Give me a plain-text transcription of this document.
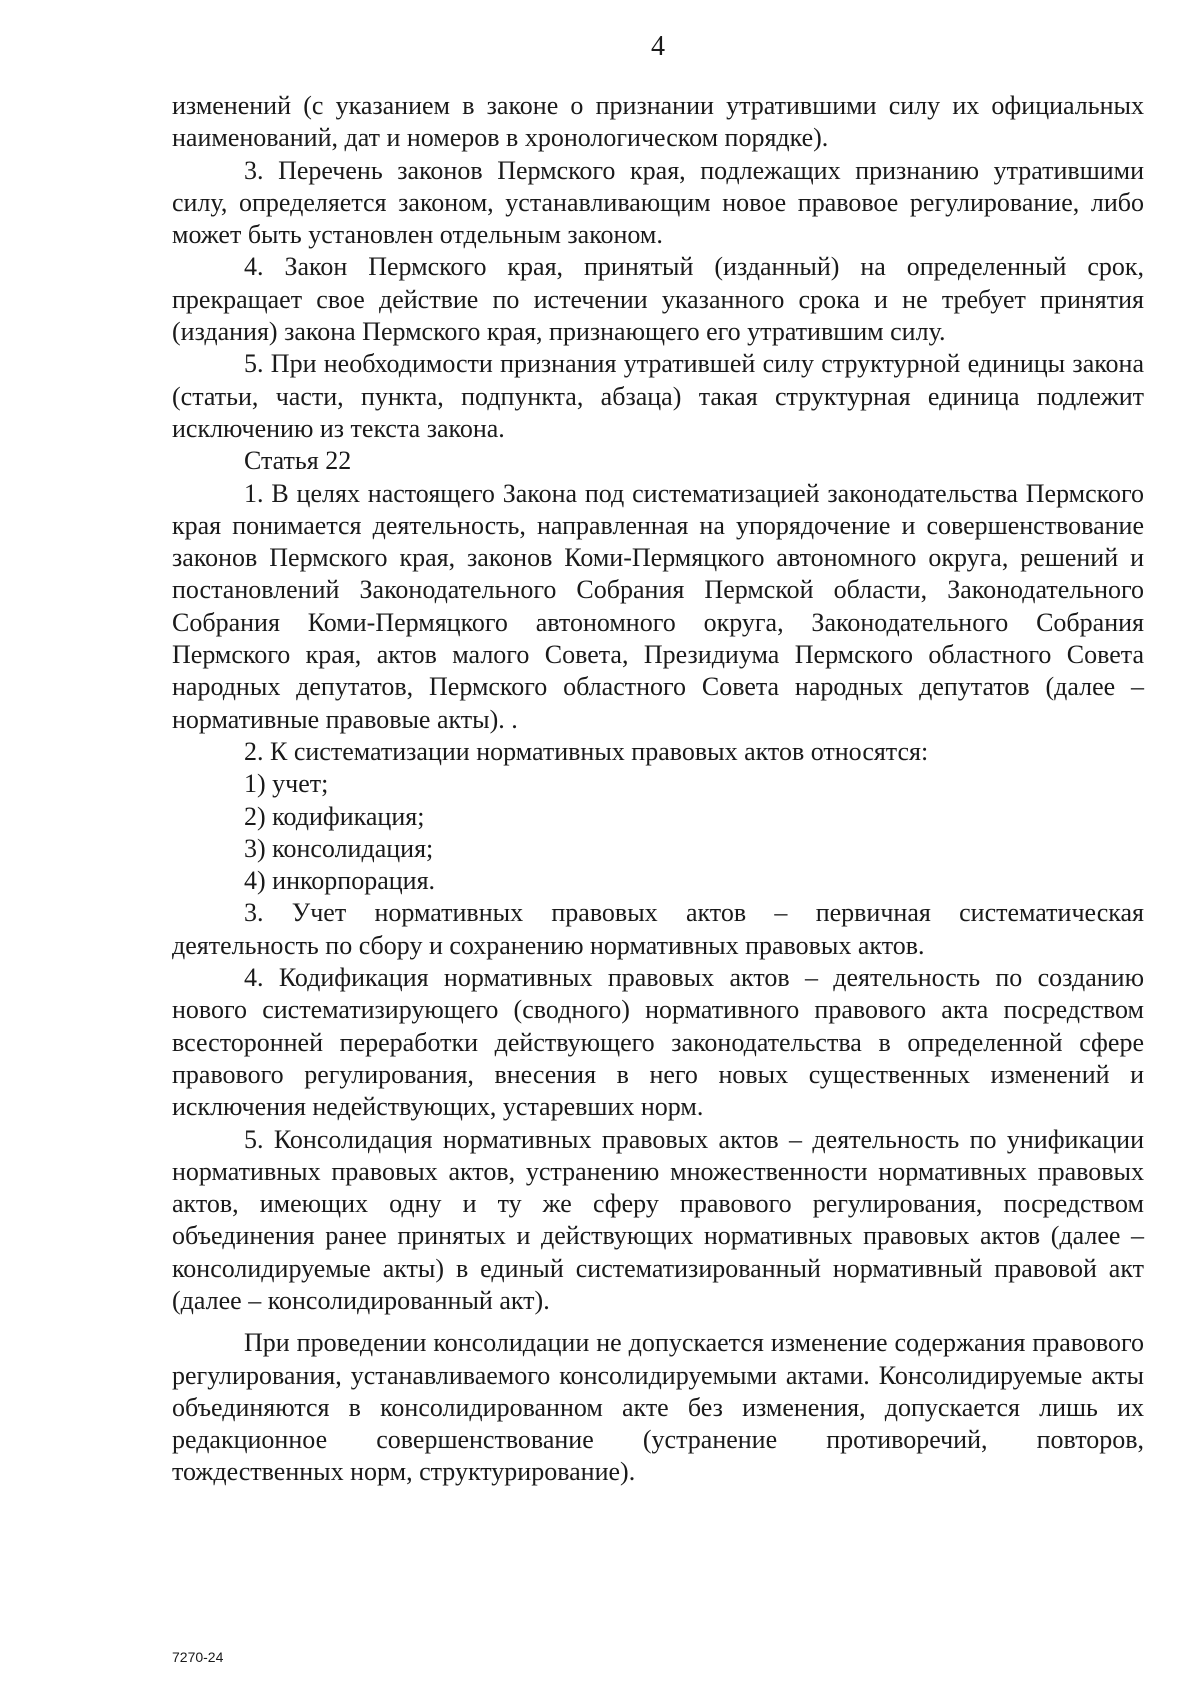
4

изменений (с указанием в законе о признании утратившими силу их официальных наименований, дат и номеров в хронологическом порядке).

3. Перечень законов Пермского края, подлежащих признанию утратившими силу, определяется законом, устанавливающим новое правовое регулирование, либо может быть установлен отдельным законом.

4. Закон Пермского края, принятый (изданный) на определенный срок, прекращает свое действие по истечении указанного срока и не требует принятия (издания) закона Пермского края, признающего его утратившим силу.

5. При необходимости признания утратившей силу структурной единицы закона (статьи, части, пункта, подпункта, абзаца) такая структурная единица подлежит исключению из текста закона.

Статья 22

1. В целях настоящего Закона под систематизацией законодательства Пермского края понимается деятельность, направленная на упорядочение и совершенствование законов Пермского края, законов Коми-Пермяцкого автономного округа, решений и постановлений Законодательного Собрания Пермской области, Законодательного Собрания Коми-Пермяцкого автономного округа, Законодательного Собрания Пермского края, актов малого Совета, Президиума Пермского областного Совета народных депутатов, Пермского областного Совета народных депутатов (далее – нормативные правовые акты). .

2. К систематизации нормативных правовых актов относятся:

1) учет;

2) кодификация;

3) консолидация;

4) инкорпорация.

3. Учет нормативных правовых актов – первичная систематическая деятельность по сбору и сохранению нормативных правовых актов.

4. Кодификация нормативных правовых актов – деятельность по созданию нового систематизирующего (сводного) нормативного правового акта посредством всесторонней переработки действующего законодательства в определенной сфере правового регулирования, внесения в него новых существенных изменений и исключения недействующих, устаревших норм.

5. Консолидация нормативных правовых актов – деятельность по унификации нормативных правовых актов, устранению множественности нормативных правовых актов, имеющих одну и ту же сферу правового регулирования, посредством объединения ранее принятых и действующих нормативных правовых актов (далее – консолидируемые акты) в единый систематизированный нормативный правовой акт (далее – консолидированный акт).

При проведении консолидации не допускается изменение содержания правового регулирования, устанавливаемого консолидируемыми актами. Консолидируемые акты объединяются в консолидированном акте без изменения, допускается лишь их редакционное совершенствование (устранение противоречий, повторов, тождественных норм, структурирование).

7270-24
